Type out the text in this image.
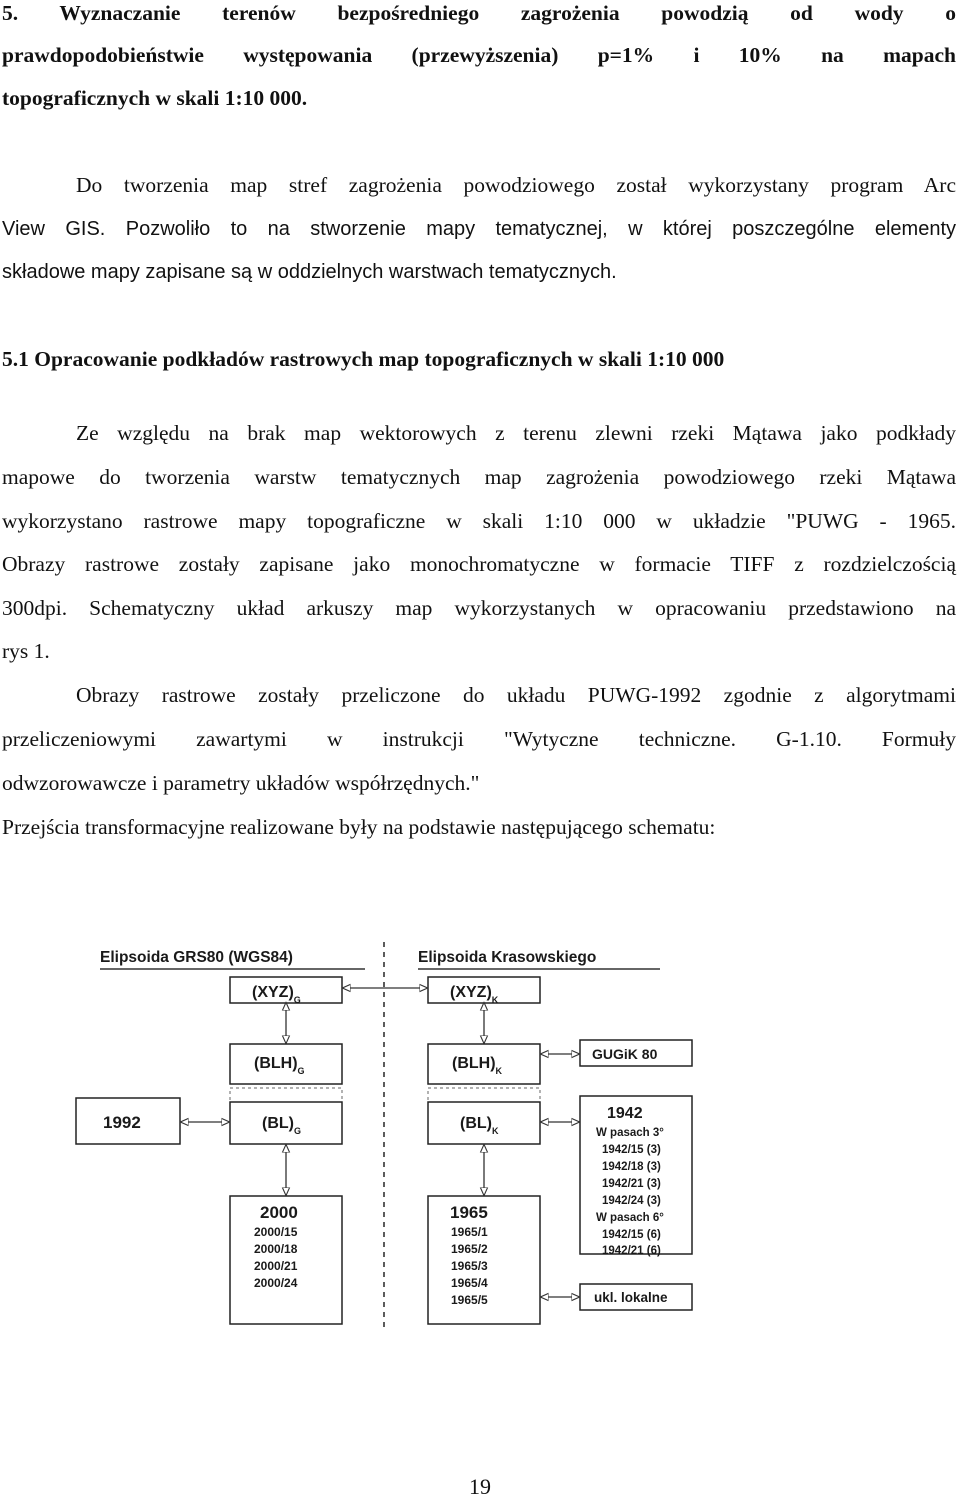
5. Wyznaczanie terenów bezpośredniego zagrożenia powodzią od wody o
prawdopodobieństwie występowania (przewyższenia) p=1% i 10% na mapach
topograficznych w skali 1:10 000.
Do tworzenia map stref zagrożenia powodziowego został wykorzystany program Arc
View GIS. Pozwoliło to na stworzenie mapy tematycznej, w której poszczególne elementy
składowe mapy zapisane są w oddzielnych warstwach tematycznych.
5.1 Opracowanie podkładów rastrowych map topograficznych w skali 1:10 000
Ze względu na brak map wektorowych z terenu zlewni rzeki Mątawa jako podkłady
mapowe do tworzenia warstw tematycznych map zagrożenia powodziowego rzeki Mątawa
wykorzystano rastrowe mapy topograficzne w skali 1:10 000 w układzie "PUWG - 1965.
Obrazy rastrowe zostały zapisane jako monochromatyczne w formacie TIFF z rozdzielczością
300dpi. Schematyczny układ arkuszy map wykorzystanych w opracowaniu przedstawiono na
rys 1.
Obrazy rastrowe zostały przeliczone do układu PUWG-1992 zgodnie z algorytmami
przeliczeniowymi zawartymi w instrukcji "Wytyczne techniczne. G-1.10. Formuły
odwzorowawcze i parametry układów współrzędnych."
Przejścia transformacyjne realizowane były na podstawie następującego schematu:
Elipsoida GRS80 (WGS84)	Elipsoida Krasowskiego
$(XYZ)_G$	$(XYZ)_K$
$(BLH)_G$	$(BLH)_K$
GUGiK 80
$(BL)_G$	$(BL)_K$
1992	1942
W pasach 3°
1942/15 (3)
1942/18 (3)
1942/21 (3)
1942/24 (3)
W pasach 6°
1942/15 (6)
1942/21 (6)
2000
2000/15
2000/18
2000/21
2000/24
1965
1965/1
1965/2
1965/3
1965/4
1965/5	ukl. lokalne
19
